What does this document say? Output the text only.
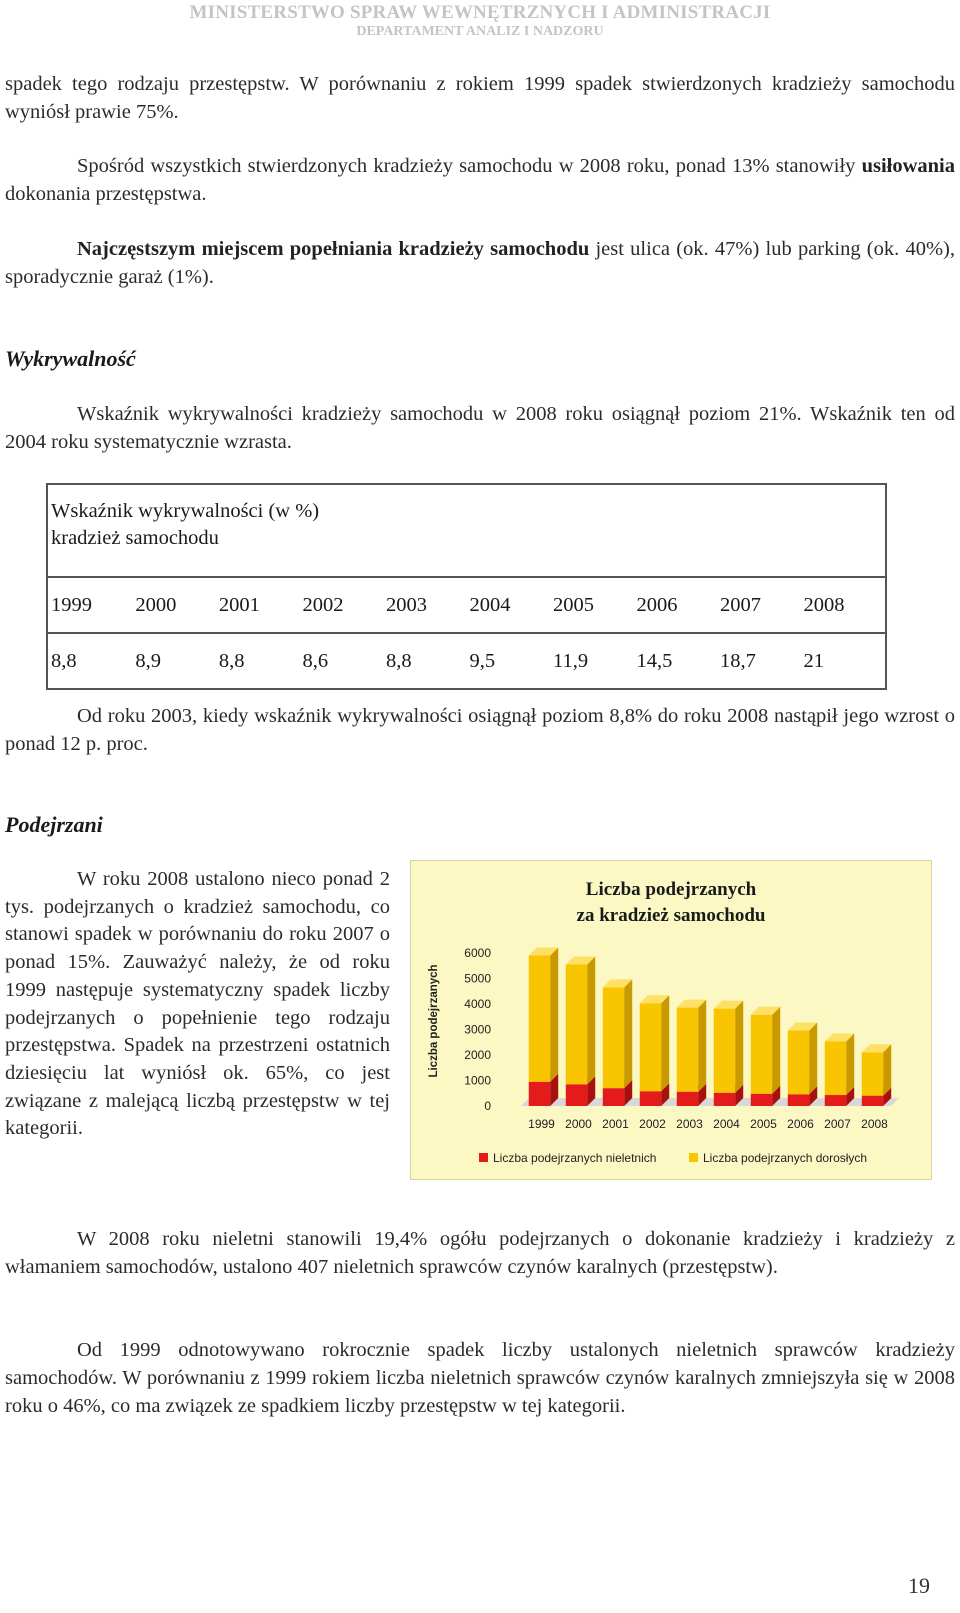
MINISTERSTWO SPRAW WEWNĘTRZNYCH I ADMINISTRACJI
DEPARTAMENT ANALIZ I NADZORU
spadek tego rodzaju przestępstw. W porównaniu z rokiem 1999 spadek stwierdzonych kradzieży samochodu wyniósł prawie 75%.
Spośród wszystkich stwierdzonych kradzieży samochodu w 2008 roku, ponad 13% stanowiły usiłowania dokonania przestępstwa.
Najczęstszym miejscem popełniania kradzieży samochodu jest ulica (ok. 47%) lub parking (ok. 40%), sporadycznie garaż (1%).
Wykrywalność
Wskaźnik wykrywalności kradzieży samochodu w 2008 roku osiągnął poziom 21%. Wskaźnik ten od 2004 roku systematycznie wzrasta.
Wskaźnik wykrywalności (w %)
kradzież samochodu									

1999	2000	2001	2002	2003	2004	2005	2006	2007	2008
8,8	8,9	8,8	8,6	8,8	9,5	11,9	14,5	18,7	21
Od roku 2003, kiedy wskaźnik wykrywalności osiągnął poziom 8,8% do roku 2008 nastąpił jego wzrost o ponad 12 p. proc.
Podejrzani
W roku 2008 ustalono nieco ponad 2 tys. podejrzanych o kradzież samochodu, co stanowi spadek w porównaniu do roku 2007 o ponad 15%. Zauważyć należy, że od roku 1999 następuje systematyczny spadek liczby podejrzanych o popełnienie tego rodzaju przestępstwa. Spadek na przestrzeni ostatnich dziesięciu lat wyniósł ok. 65%, co jest związane z malejącą liczbą przestępstw w tej kategorii.
Liczba podejrzanych
za kradzież samochodu
Liczba podejrzanych
0
1000
2000
3000
4000
5000
6000
1999 2000 2001 2002 2003 2004 2005 2006 2007 2008
Liczba podejrzanych nieletnich	Liczba podejrzanych dorosłych
W 2008 roku nieletni stanowili 19,4% ogółu podejrzanych o dokonanie kradzieży i kradzieży z włamaniem samochodów, ustalono 407 nieletnich sprawców czynów karalnych (przestępstw).
Od 1999 odnotowywano rokrocznie spadek liczby ustalonych nieletnich sprawców kradzieży samochodów. W porównaniu z 1999 rokiem liczba nieletnich sprawców czynów karalnych zmniejszyła się w 2008 roku o 46%, co ma związek ze spadkiem liczby przestępstw w tej kategorii.
19
